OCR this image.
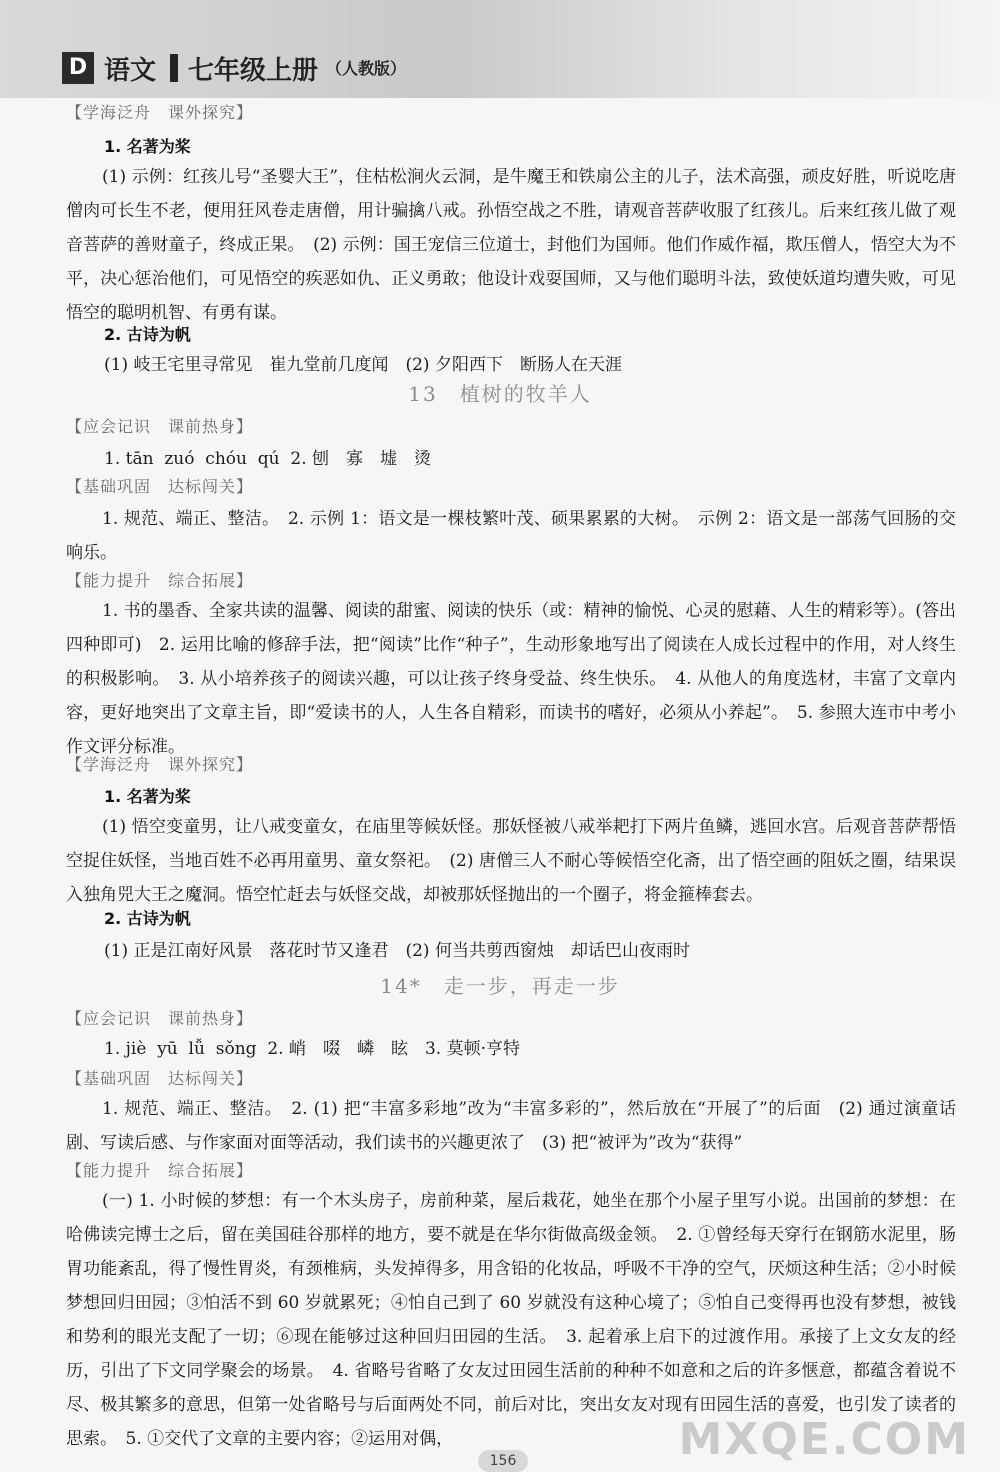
D 语文 七年级上册 （人教版）
【学海泛舟　课外探究】
1. 名著为桨
(1) 示例：红孩儿号“圣婴大王”，住枯松涧火云洞，是牛魔王和铁扇公主的儿子，法术高强，顽皮好胜，听说吃唐僧肉可长生不老，便用狂风卷走唐僧，用计骗擒八戒。孙悟空战之不胜，请观音菩萨收服了红孩儿。后来红孩儿做了观音菩萨的善财童子，终成正果。　(2) 示例：国王宠信三位道士，封他们为国师。他们作威作福，欺压僧人，悟空大为不平，决心惩治他们，可见悟空的疾恶如仇、正义勇敢；他设计戏耍国师，又与他们聪明斗法，致使妖道均遭失败，可见悟空的聪明机智、有勇有谋。
2. 古诗为帆
(1) 岐王宅里寻常见　崔九堂前几度闻　(2) 夕阳西下　断肠人在天涯
13　植树的牧羊人
【应会记识　课前热身】
1. tān  zuó  chóu  qú  2. 刨　寡　墟　烫
【基础巩固　达标闯关】
1. 规范、端正、整洁。　2. 示例 1：语文是一棵枝繁叶茂、硕果累累的大树。　示例 2：语文是一部荡气回肠的交响乐。
【能力提升　综合拓展】
1. 书的墨香、全家共读的温馨、阅读的甜蜜、阅读的快乐（或：精神的愉悦、心灵的慰藉、人生的精彩等）。(答出四种即可)　2. 运用比喻的修辞手法，把“阅读”比作“种子”，生动形象地写出了阅读在人成长过程中的作用，对人终生的积极影响。　3. 从小培养孩子的阅读兴趣，可以让孩子终身受益、终生快乐。　4. 从他人的角度选材，丰富了文章内容，更好地突出了文章主旨，即“爱读书的人，人生各自精彩，而读书的嗜好，必须从小养起”。　5. 参照大连市中考小作文评分标准。
【学海泛舟　课外探究】
1. 名著为桨
(1) 悟空变童男，让八戒变童女，在庙里等候妖怪。那妖怪被八戒举耙打下两片鱼鳞，逃回水宫。后观音菩萨帮悟空捉住妖怪，当地百姓不必再用童男、童女祭祀。　(2) 唐僧三人不耐心等候悟空化斋，出了悟空画的阻妖之圈，结果误入独角兕大王之魔洞。悟空忙赶去与妖怪交战，却被那妖怪抛出的一个圈子，将金箍棒套去。
2. 古诗为帆
(1) 正是江南好风景　落花时节又逢君　(2) 何当共剪西窗烛　却话巴山夜雨时
14*　走一步，再走一步
【应会记识　课前热身】
1. jiè  yū  lǚ  sǒng  2. 峭　啜　嶙　眩　3. 莫顿·亨特
【基础巩固　达标闯关】
1. 规范、端正、整洁。　2. (1) 把“丰富多彩地”改为“丰富多彩的”，然后放在“开展了”的后面　(2) 通过演童话剧、写读后感、与作家面对面等活动，我们读书的兴趣更浓了　(3) 把“被评为”改为“获得”
【能力提升　综合拓展】
(一) 1. 小时候的梦想：有一个木头房子，房前种菜，屋后栽花，她坐在那个小屋子里写小说。出国前的梦想：在哈佛读完博士之后，留在美国硅谷那样的地方，要不就是在华尔街做高级金领。　2. ①曾经每天穿行在钢筋水泥里，肠胃功能紊乱，得了慢性胃炎，有颈椎病，头发掉得多，用含铅的化妆品，呼吸不干净的空气，厌烦这种生活；②小时候梦想回归田园；③怕活不到 60 岁就累死；④怕自己到了 60 岁就没有这种心境了；⑤怕自己变得再也没有梦想，被钱和势利的眼光支配了一切；⑥现在能够过这种回归田园的生活。　3. 起着承上启下的过渡作用。承接了上文女友的经历，引出了下文同学聚会的场景。　4. 省略号省略了女友过田园生活前的种种不如意和之后的许多惬意，都蕴含着说不尽、极其繁多的意思，但第一处省略号与后面两处不同，前后对比，突出女友对现有田园生活的喜爱，也引发了读者的思索。　5. ①交代了文章的主要内容；②运用对偶，
156	MXQE.COM
